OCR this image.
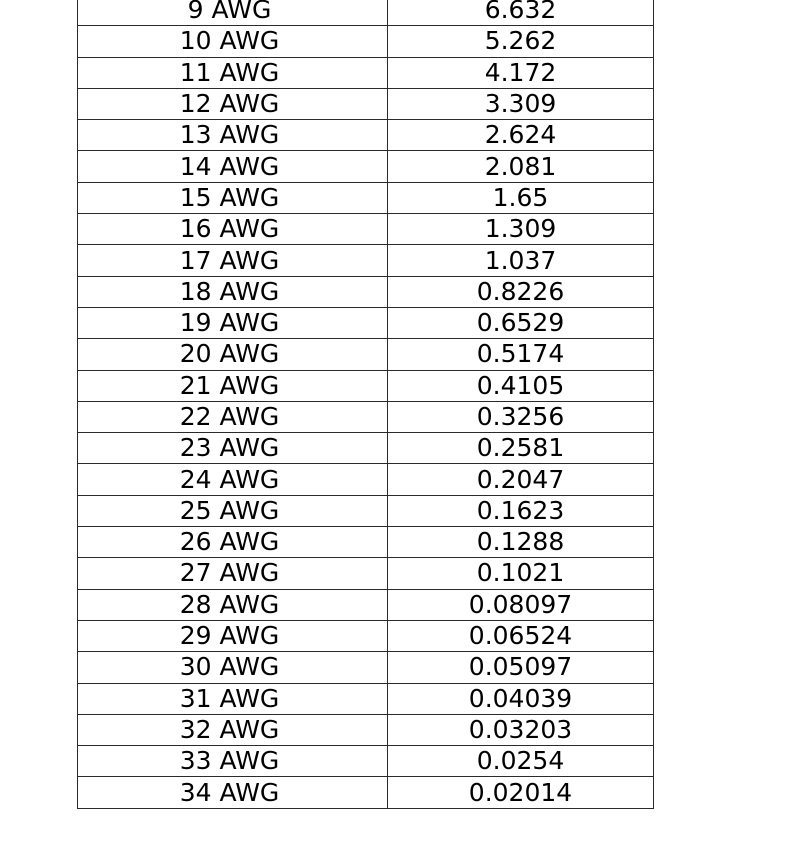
9 AWG	6.632
10 AWG	5.262
11 AWG	4.172
12 AWG	3.309
13 AWG	2.624
14 AWG	2.081
15 AWG	1.65
16 AWG	1.309
17 AWG	1.037
18 AWG	0.8226
19 AWG	0.6529
20 AWG	0.5174
21 AWG	0.4105
22 AWG	0.3256
23 AWG	0.2581
24 AWG	0.2047
25 AWG	0.1623
26 AWG	0.1288
27 AWG	0.1021
28 AWG	0.08097
29 AWG	0.06524
30 AWG	0.05097
31 AWG	0.04039
32 AWG	0.03203
33 AWG	0.0254
34 AWG	0.02014
